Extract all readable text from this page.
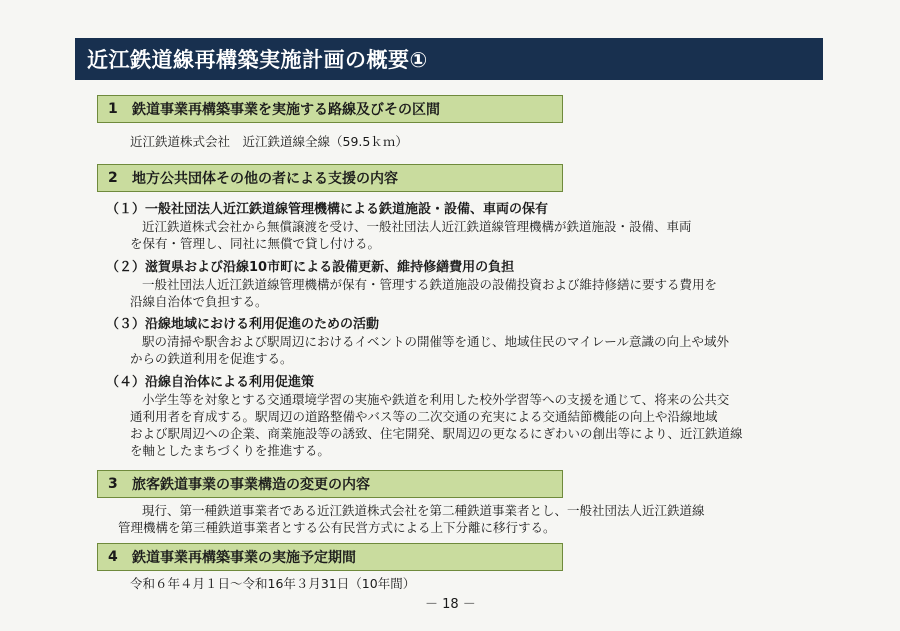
近江鉄道線再構築実施計画の概要①
1	鉄道事業再構築事業を実施する路線及びその区間
近江鉄道株式会社　近江鉄道線全線（59.5ｋｍ）
2	地方公共団体その他の者による支援の内容
（１）一般社団法人近江鉄道線管理機構による鉄道施設・設備、車両の保有
近江鉄道株式会社から無償譲渡を受け、一般社団法人近江鉄道線管理機構が鉄道施設・設備、車両
を保有・管理し、同社に無償で貸し付ける。
（２）滋賀県および沿線10市町による設備更新、維持修繕費用の負担
一般社団法人近江鉄道線管理機構が保有・管理する鉄道施設の設備投資および維持修繕に要する費用を
沿線自治体で負担する。
（３）沿線地域における利用促進のための活動
駅の清掃や駅舎および駅周辺におけるイベントの開催等を通じ、地域住民のマイレール意識の向上や域外
からの鉄道利用を促進する。
（４）沿線自治体による利用促進策
小学生等を対象とする交通環境学習の実施や鉄道を利用した校外学習等への支援を通じて、将来の公共交
通利用者を育成する。駅周辺の道路整備やバス等の二次交通の充実による交通結節機能の向上や沿線地域
および駅周辺への企業、商業施設等の誘致、住宅開発、駅周辺の更なるにぎわいの創出等により、近江鉄道線
を軸としたまちづくりを推進する。
3	旅客鉄道事業の事業構造の変更の内容
現行、第一種鉄道事業者である近江鉄道株式会社を第二種鉄道事業者とし、一般社団法人近江鉄道線
管理機構を第三種鉄道事業者とする公有民営方式による上下分離に移行する。
4	鉄道事業再構築事業の実施予定期間
令和６年４月１日～令和16年３月31日（10年間）
－ 18 －
